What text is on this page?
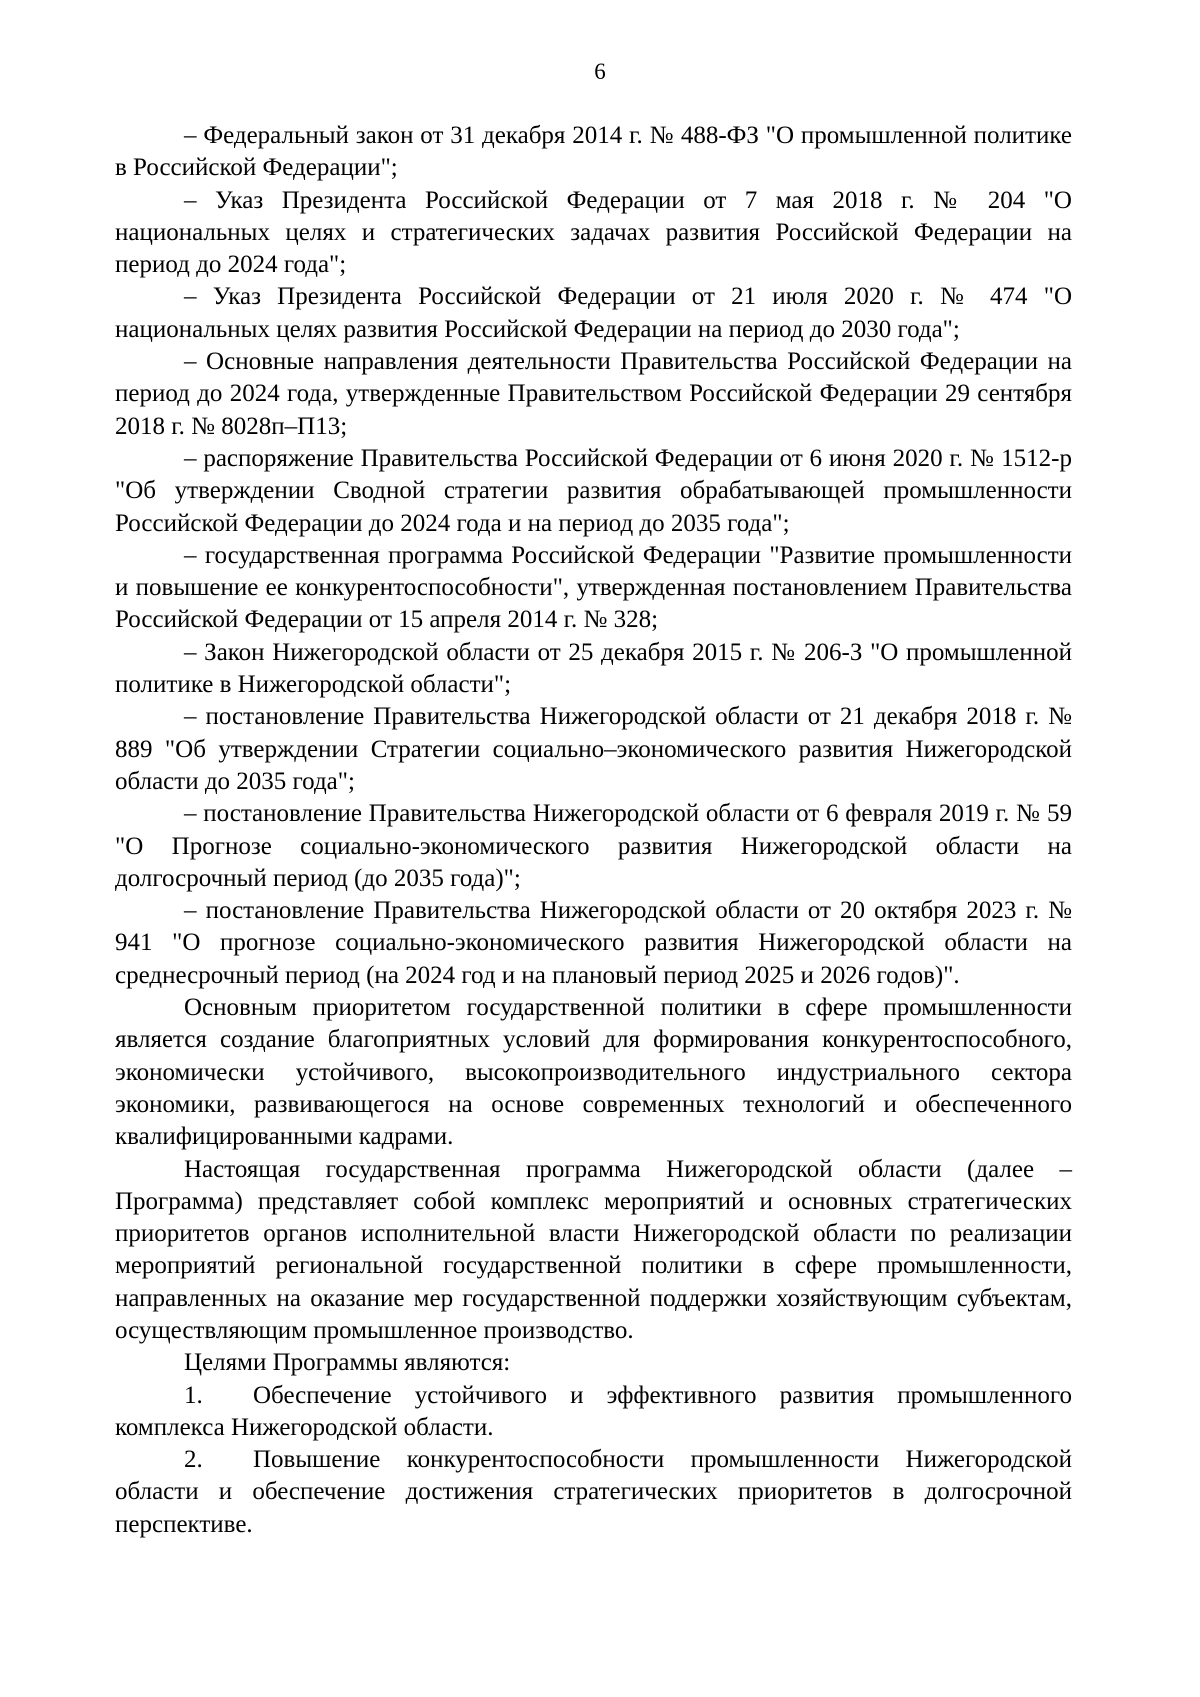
6

– Федеральный закон от 31 декабря 2014 г. № 488-ФЗ "О промышленной политике в Российской Федерации";

– Указ Президента Российской Федерации от 7 мая 2018 г. № 204 "О национальных целях и стратегических задачах развития Российской Федерации на период до 2024 года";

– Указ Президента Российской Федерации от 21 июля 2020 г. № 474 "О национальных целях развития Российской Федерации на период до 2030 года";

– Основные направления деятельности Правительства Российской Федерации на период до 2024 года, утвержденные Правительством Российской Федерации 29 сентября 2018 г. № 8028п–П13;

– распоряжение Правительства Российской Федерации от 6 июня 2020 г. № 1512-р "Об утверждении Сводной стратегии развития обрабатывающей промышленности Российской Федерации до 2024 года и на период до 2035 года";

– государственная программа Российской Федерации "Развитие промышленности и повышение ее конкурентоспособности", утвержденная постановлением Правительства Российской Федерации от 15 апреля 2014 г. № 328;

– Закон Нижегородской области от 25 декабря 2015 г. № 206-З "О промышленной политике в Нижегородской области";

– постановление Правительства Нижегородской области от 21 декабря 2018 г. № 889 "Об утверждении Стратегии социально–экономического развития Нижегородской области до 2035 года";

– постановление Правительства Нижегородской области от 6 февраля 2019 г. № 59 "О Прогнозе социально-экономического развития Нижегородской области на долгосрочный период (до 2035 года)";

– постановление Правительства Нижегородской области от 20 октября 2023 г. № 941 "О прогнозе социально-экономического развития Нижегородской области на среднесрочный период (на 2024 год и на плановый период 2025 и 2026 годов)".

Основным приоритетом государственной политики в сфере промышленности является создание благоприятных условий для формирования конкурентоспособного, экономически устойчивого, высокопроизводительного индустриального сектора экономики, развивающегося на основе современных технологий и обеспеченного квалифицированными кадрами.

Настоящая государственная программа Нижегородской области (далее – Программа) представляет собой комплекс мероприятий и основных стратегических приоритетов органов исполнительной власти Нижегородской области по реализации мероприятий региональной государственной политики в сфере промышленности, направленных на оказание мер государственной поддержки хозяйствующим субъектам, осуществляющим промышленное производство.

Целями Программы являются:

1. Обеспечение устойчивого и эффективного развития промышленного комплекса Нижегородской области.

2. Повышение конкурентоспособности промышленности Нижегородской области и обеспечение достижения стратегических приоритетов в долгосрочной перспективе.
